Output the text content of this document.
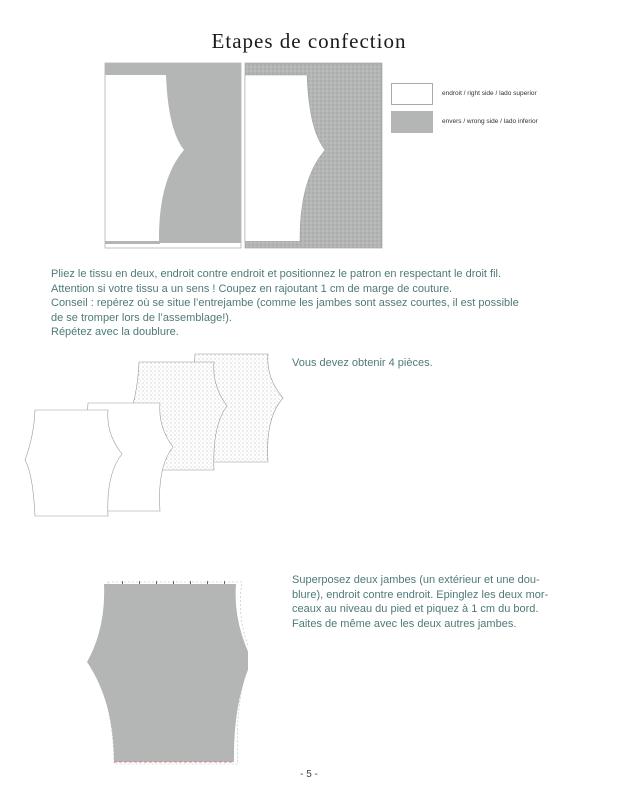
Etapes de confection
endroit / right side / lado superior
envers / wrong side / lado inferior
Pliez le tissu en deux, endroit contre endroit et positionnez le patron en respectant le droit fil.
Attention si votre tissu a un sens ! Coupez en rajoutant 1 cm de marge de couture.
Conseil : repérez où se situe l’entrejambe (comme les jambes sont assez courtes, il est possible
de se tromper lors de l’assemblage!).
Répétez avec la doublure.
Vous devez obtenir 4 pièces.
Superposez deux jambes (un extérieur et une dou-
blure), endroit contre endroit. Epinglez les deux mor-
ceaux au niveau du pied et piquez à 1 cm du bord.
Faites de même avec les deux autres jambes.
- 5 -
